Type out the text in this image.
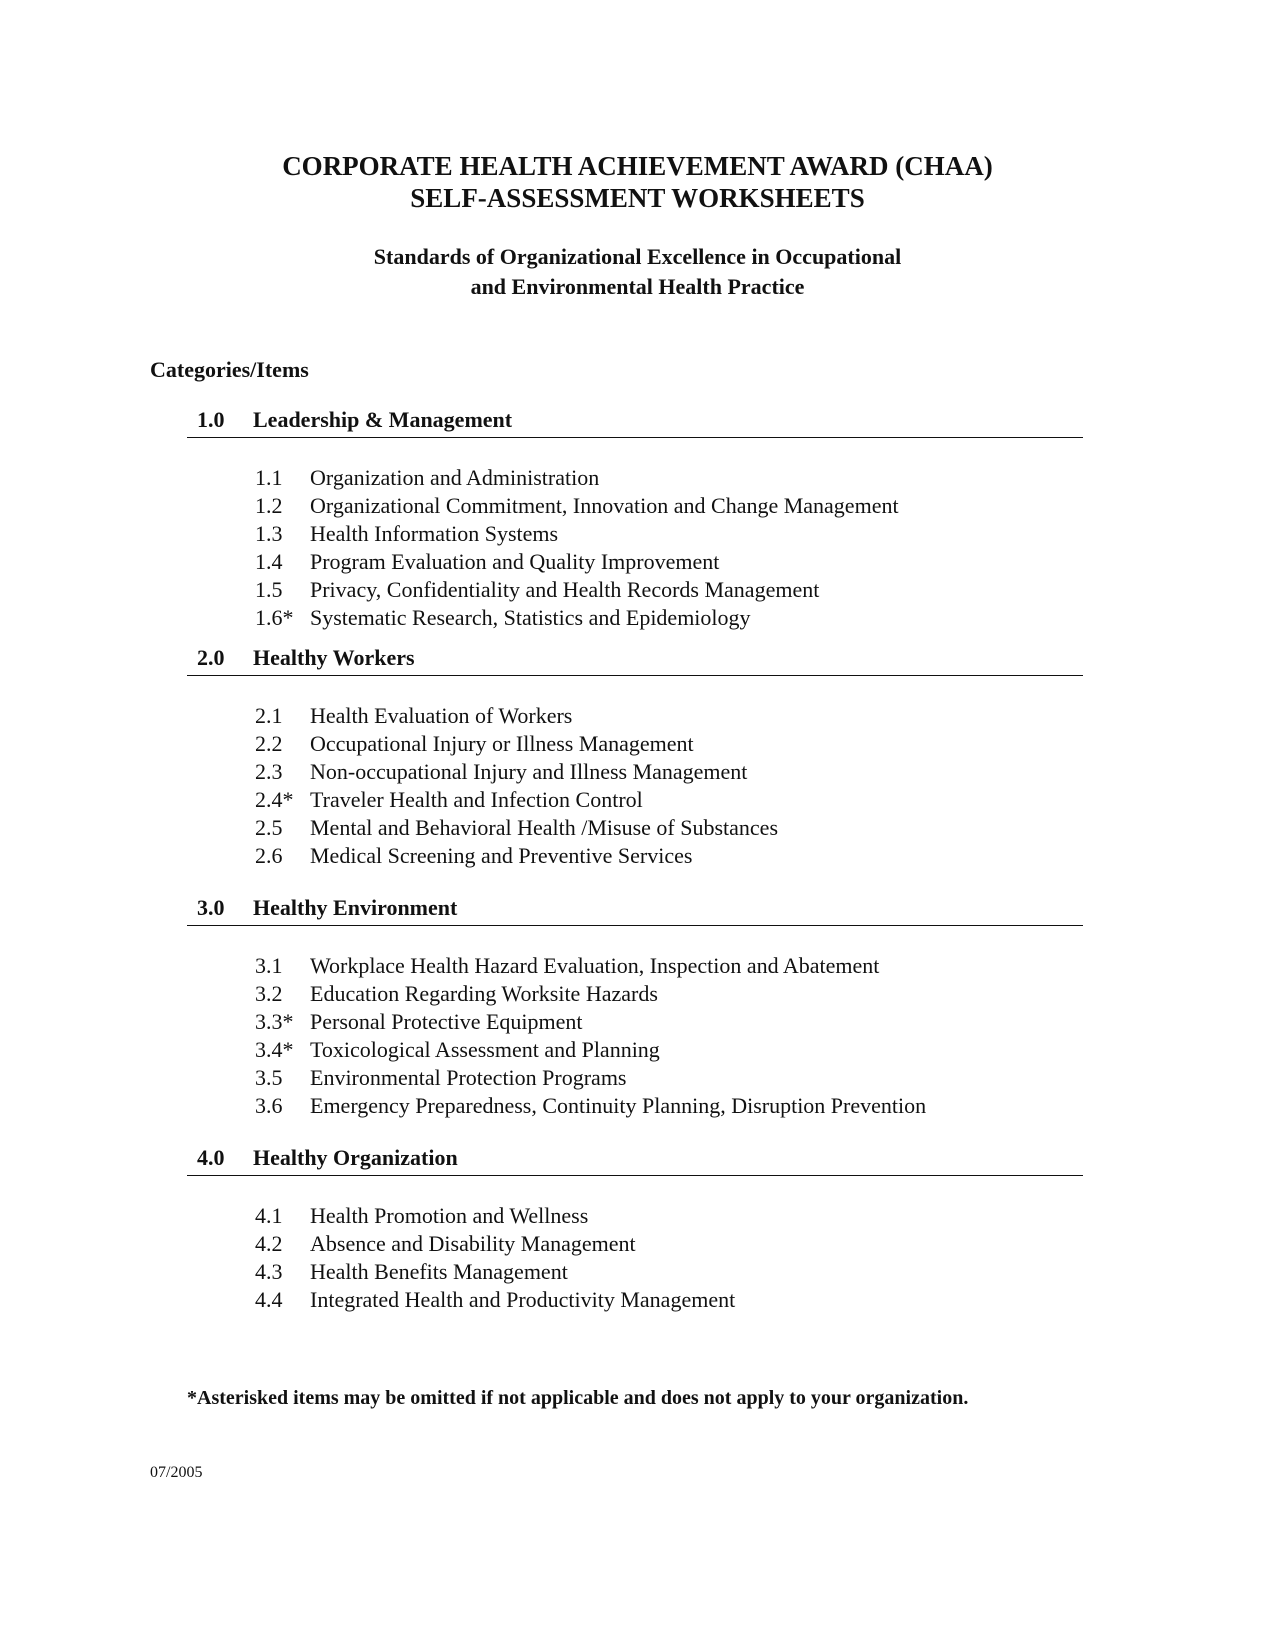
CORPORATE HEALTH ACHIEVEMENT AWARD (CHAA)
SELF-ASSESSMENT WORKSHEETS
Standards of Organizational Excellence in Occupational
and Environmental Health Practice
Categories/Items
1.0 Leadership & Management
1.1 Organization and Administration
1.2 Organizational Commitment, Innovation and Change Management
1.3 Health Information Systems
1.4 Program Evaluation and Quality Improvement
1.5 Privacy, Confidentiality and Health Records Management
1.6* Systematic Research, Statistics and Epidemiology
2.0 Healthy Workers
2.1 Health Evaluation of Workers
2.2 Occupational Injury or Illness Management
2.3 Non-occupational Injury and Illness Management
2.4* Traveler Health and Infection Control
2.5 Mental and Behavioral Health /Misuse of Substances
2.6 Medical Screening and Preventive Services
3.0 Healthy Environment
3.1 Workplace Health Hazard Evaluation, Inspection and Abatement
3.2 Education Regarding Worksite Hazards
3.3* Personal Protective Equipment
3.4* Toxicological Assessment and Planning
3.5 Environmental Protection Programs
3.6 Emergency Preparedness, Continuity Planning, Disruption Prevention
4.0 Healthy Organization
4.1 Health Promotion and Wellness
4.2 Absence and Disability Management
4.3 Health Benefits Management
4.4 Integrated Health and Productivity Management
*Asterisked items may be omitted if not applicable and does not apply to your organization.
07/2005
